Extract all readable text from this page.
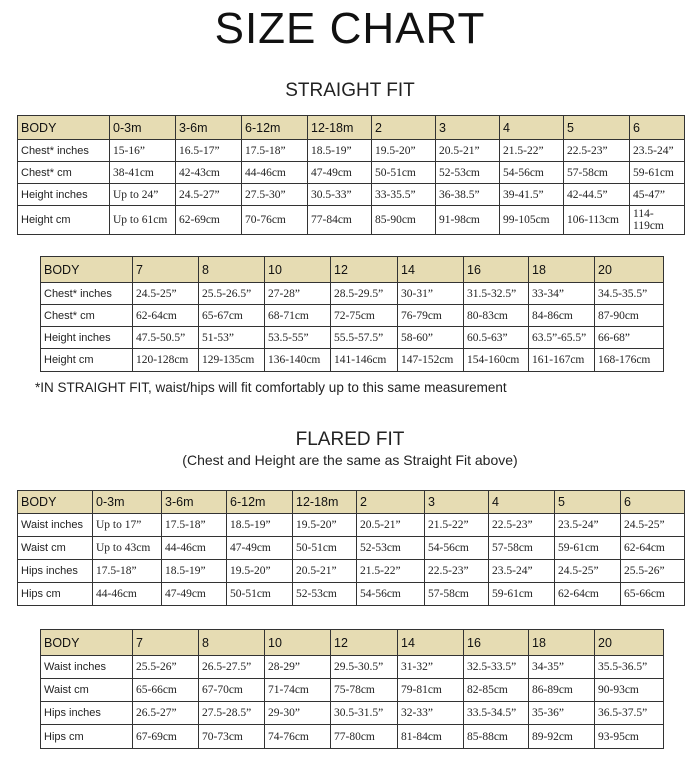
SIZE CHART
STRAIGHT FIT
BODY	0-3m	3-6m	6-12m	12-18m	2	3	4	5	6
Chest* inches	15-16”	16.5-17”	17.5-18”	18.5-19”	19.5-20”	20.5-21”	21.5-22”	22.5-23”	23.5-24”
Chest* cm	38-41cm	42-43cm	44-46cm	47-49cm	50-51cm	52-53cm	54-56cm	57-58cm	59-61cm
Height inches	Up to 24”	24.5-27”	27.5-30”	30.5-33”	33-35.5”	36-38.5”	39-41.5”	42-44.5”	45-47”
Height cm	Up to 61cm	62-69cm	70-76cm	77-84cm	85-90cm	91-98cm	99-105cm	106-113cm	114-119cm
BODY	7	8	10	12	14	16	18	20
Chest* inches	24.5-25”	25.5-26.5”	27-28”	28.5-29.5”	30-31”	31.5-32.5”	33-34”	34.5-35.5”
Chest* cm	62-64cm	65-67cm	68-71cm	72-75cm	76-79cm	80-83cm	84-86cm	87-90cm
Height inches	47.5-50.5”	51-53”	53.5-55”	55.5-57.5”	58-60”	60.5-63”	63.5”-65.5”	66-68”
Height cm	120-128cm	129-135cm	136-140cm	141-146cm	147-152cm	154-160cm	161-167cm	168-176cm
*IN STRAIGHT FIT, waist/hips will fit comfortably up to this same measurement
FLARED FIT
(Chest and Height are the same as Straight Fit above)
BODY	0-3m	3-6m	6-12m	12-18m	2	3	4	5	6
Waist inches	Up to 17”	17.5-18”	18.5-19”	19.5-20”	20.5-21”	21.5-22”	22.5-23”	23.5-24”	24.5-25”
Waist cm	Up to 43cm	44-46cm	47-49cm	50-51cm	52-53cm	54-56cm	57-58cm	59-61cm	62-64cm
Hips inches	17.5-18”	18.5-19”	19.5-20”	20.5-21”	21.5-22”	22.5-23”	23.5-24”	24.5-25”	25.5-26”
Hips cm	44-46cm	47-49cm	50-51cm	52-53cm	54-56cm	57-58cm	59-61cm	62-64cm	65-66cm
BODY	7	8	10	12	14	16	18	20
Waist inches	25.5-26”	26.5-27.5”	28-29”	29.5-30.5”	31-32”	32.5-33.5”	34-35”	35.5-36.5”
Waist cm	65-66cm	67-70cm	71-74cm	75-78cm	79-81cm	82-85cm	86-89cm	90-93cm
Hips inches	26.5-27”	27.5-28.5”	29-30”	30.5-31.5”	32-33”	33.5-34.5”	35-36”	36.5-37.5”
Hips cm	67-69cm	70-73cm	74-76cm	77-80cm	81-84cm	85-88cm	89-92cm	93-95cm
